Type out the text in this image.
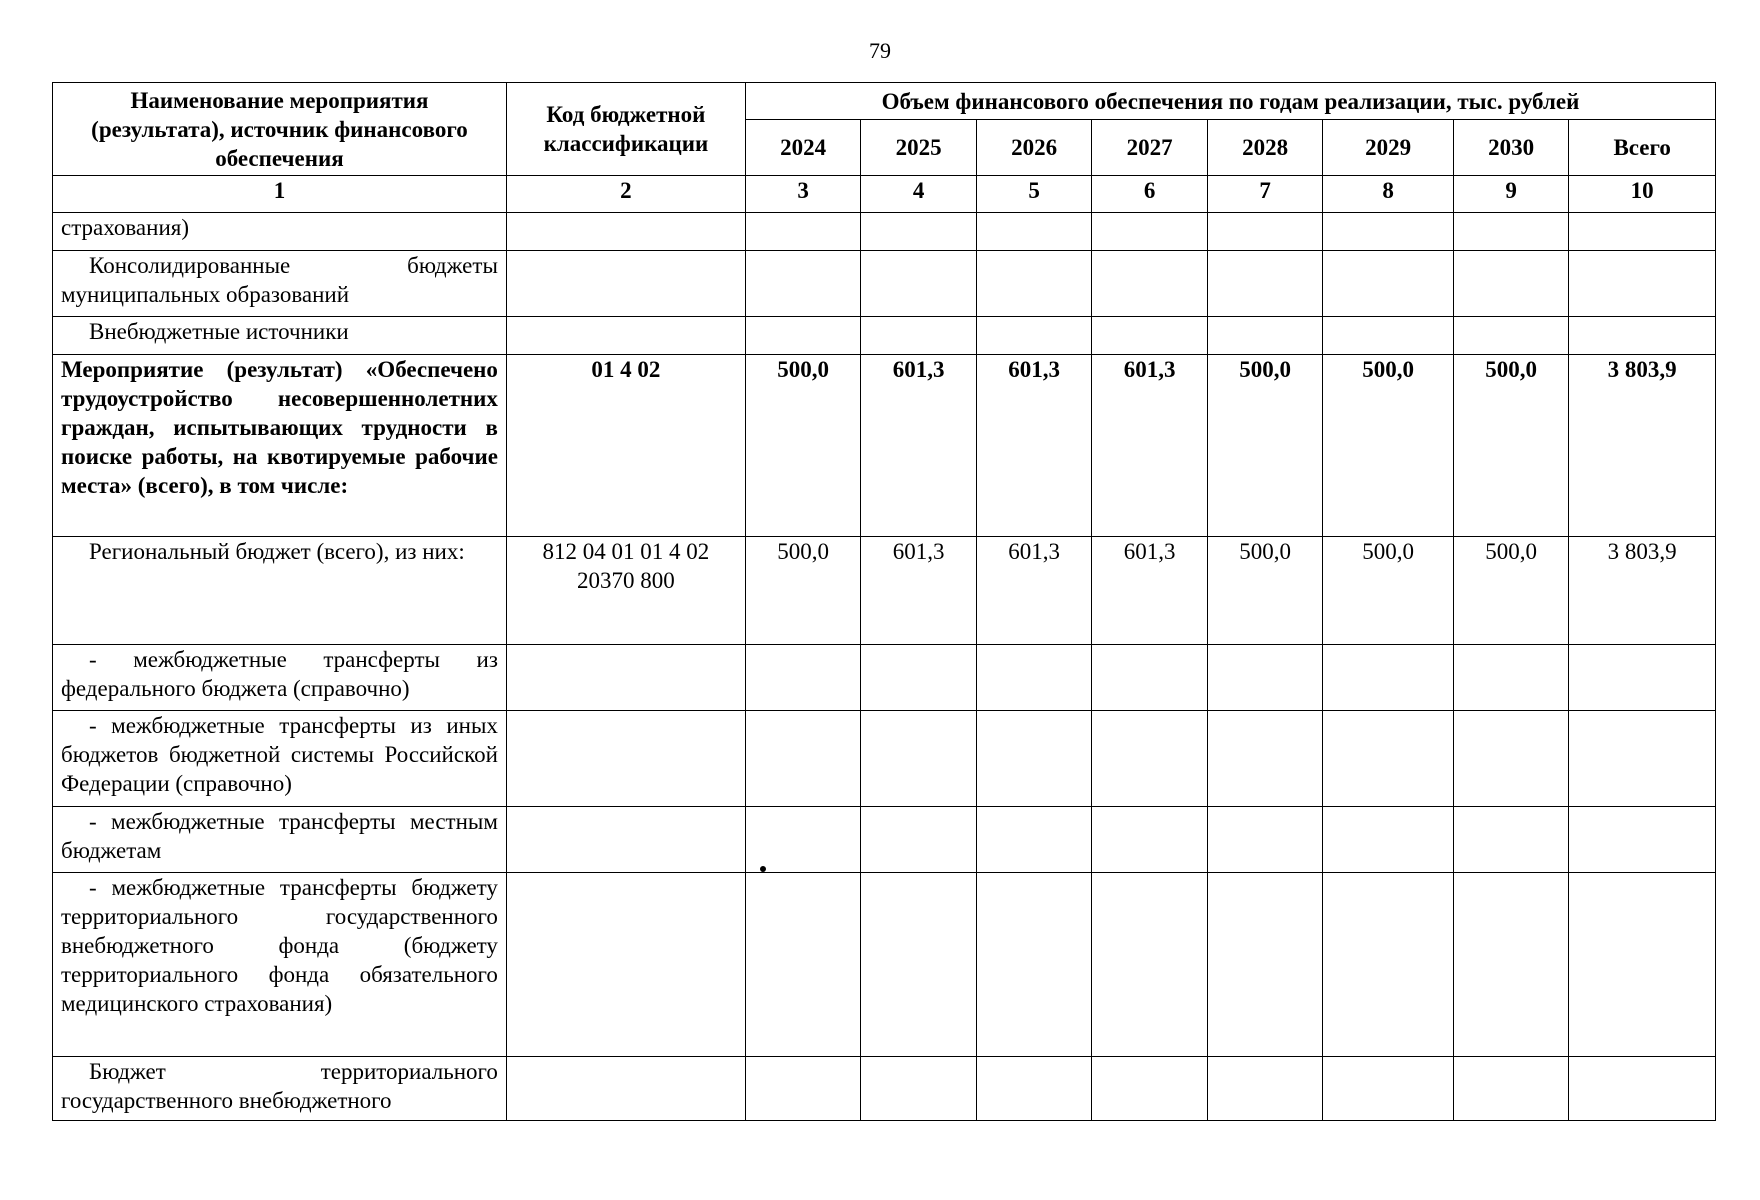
79
Наименование мероприятия (результата), источник финансового обеспечения	Код бюджетной классификации	Объем финансового обеспечения по годам реализации, тыс. рублей							
		2024	2025	2026	2027	2028	2029	2030	Всего
1	2	3	4	5	6	7	8	9	10
страхования)									
Консолидированные бюджеты муниципальных образований									
Внебюджетные источники									
Мероприятие (результат) «Обеспечено трудоустройство несовершеннолетних граждан, испытывающих трудности в поиске работы, на квотируемые рабочие места» (всего), в том числе:	01 4 02	500,0	601,3	601,3	601,3	500,0	500,0	500,0	3 803,9
Региональный бюджет (всего), из них:	812 04 01 01 4 02 20370 800	500,0	601,3	601,3	601,3	500,0	500,0	500,0	3 803,9
- межбюджетные трансферты из федерального бюджета (справочно)									
- межбюджетные трансферты из иных бюджетов бюджетной системы Российской Федерации (справочно)									
- межбюджетные трансферты местным бюджетам									
- межбюджетные трансферты бюджету территориального государственного внебюджетного фонда (бюджету территориального фонда обязательного медицинского страхования)									
Бюджет территориального государственного внебюджетного									
